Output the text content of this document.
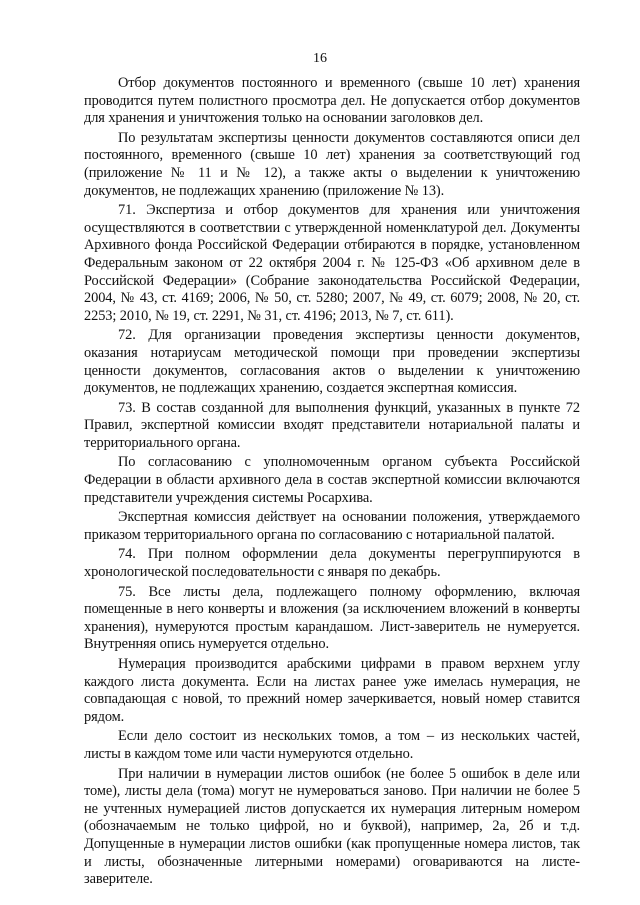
16

Отбор документов постоянного и временного (свыше 10 лет) хранения проводится путем полистного просмотра дел. Не допускается отбор документов для хранения и уничтожения только на основании заголовков дел.

По результатам экспертизы ценности документов составляются описи дел постоянного, временного (свыше 10 лет) хранения за соответствующий год (приложение № 11 и № 12), а также акты о выделении к уничтожению документов, не подлежащих хранению (приложение № 13).

71. Экспертиза и отбор документов для хранения или уничтожения осуществляются в соответствии с утвержденной номенклатурой дел. Документы Архивного фонда Российской Федерации отбираются в порядке, установленном Федеральным законом от 22 октября 2004 г. № 125-ФЗ «Об архивном деле в Российской Федерации» (Собрание законодательства Российской Федерации, 2004, № 43, ст. 4169; 2006, № 50, ст. 5280; 2007, № 49, ст. 6079; 2008, № 20, ст. 2253; 2010, № 19, ст. 2291, № 31, ст. 4196; 2013, № 7, ст. 611).

72. Для организации проведения экспертизы ценности документов, оказания нотариусам методической помощи при проведении экспертизы ценности документов, согласования актов о выделении к уничтожению документов, не подлежащих хранению, создается экспертная комиссия.

73. В состав созданной для выполнения функций, указанных в пункте 72 Правил, экспертной комиссии входят представители нотариальной палаты и территориального органа.

По согласованию с уполномоченным органом субъекта Российской Федерации в области архивного дела в состав экспертной комиссии включаются представители учреждения системы Росархива.

Экспертная комиссия действует на основании положения, утверждаемого приказом территориального органа по согласованию с нотариальной палатой.

74. При полном оформлении дела документы перегруппируются в хронологической последовательности с января по декабрь.

75. Все листы дела, подлежащего полному оформлению, включая помещенные в него конверты и вложения (за исключением вложений в конверты хранения), нумеруются простым карандашом. Лист-заверитель не нумеруется. Внутренняя опись нумеруется отдельно.

Нумерация производится арабскими цифрами в правом верхнем углу каждого листа документа. Если на листах ранее уже имелась нумерация, не совпадающая с новой, то прежний номер зачеркивается, новый номер ставится рядом.

Если дело состоит из нескольких томов, а том – из нескольких частей, листы в каждом томе или части нумеруются отдельно.

При наличии в нумерации листов ошибок (не более 5 ошибок в деле или томе), листы дела (тома) могут не нумероваться заново. При наличии не более 5 не учтенных нумерацией листов допускается их нумерация литерным номером (обозначаемым не только цифрой, но и буквой), например, 2а, 2б и т.д. Допущенные в нумерации листов ошибки (как пропущенные номера листов, так и листы, обозначенные литерными номерами) оговариваются на листе-заверителе.
